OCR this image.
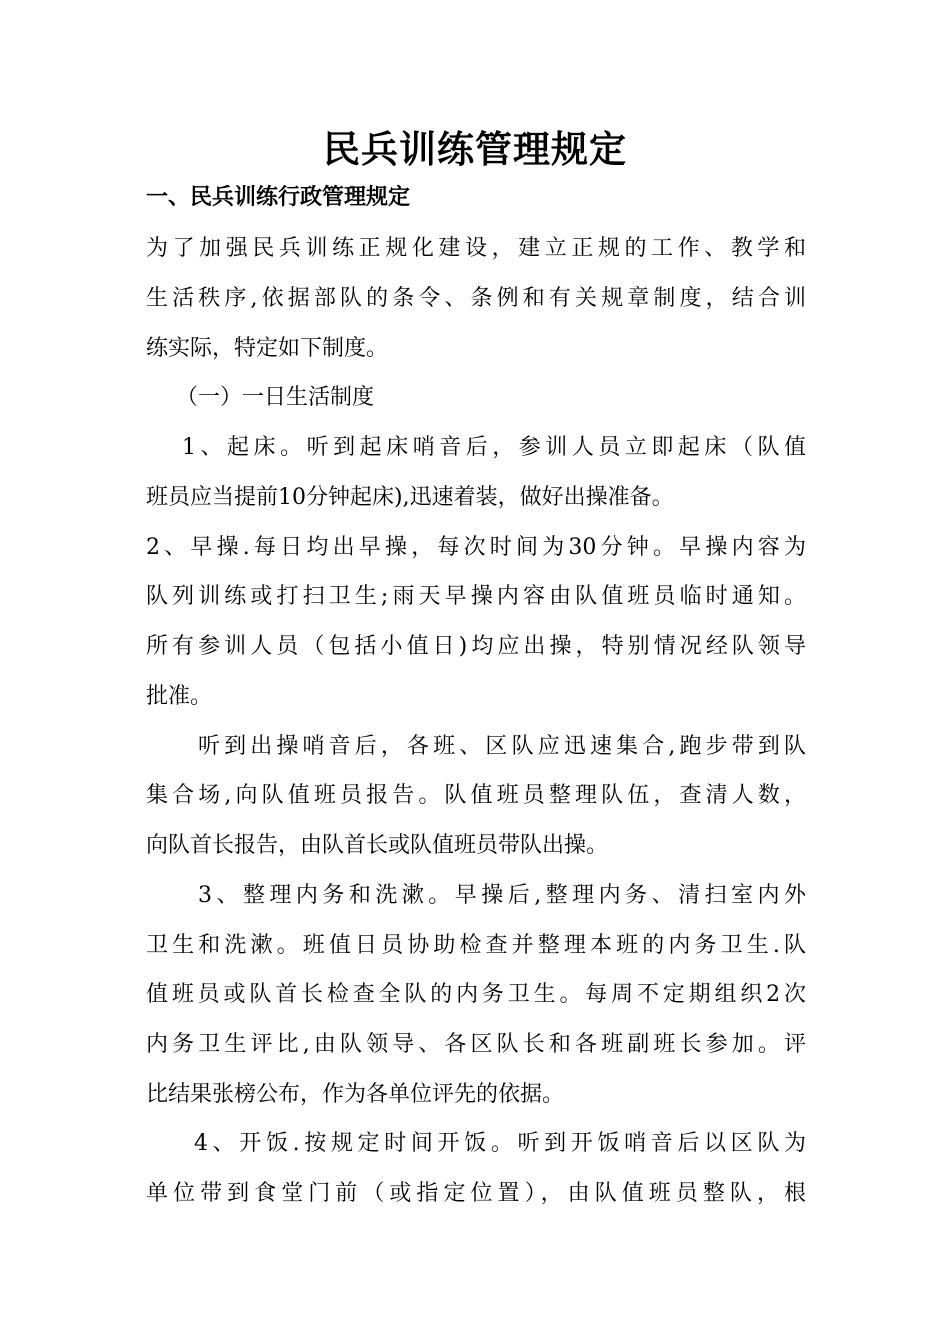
民兵训练管理规定
一、民兵训练行政管理规定
为了加强民兵训练正规化建设，建立正规的工作、教学和
生活秩序,依据部队的条令、条例和有关规章制度，结合训
练实际，特定如下制度。
（一）一日生活制度
1、起床。听到起床哨音后，参训人员立即起床（队值
班员应当提前10分钟起床),迅速着装，做好出操准备。
2、早操.每日均出早操，每次时间为30分钟。早操内容为
队列训练或打扫卫生;雨天早操内容由队值班员临时通知。
所有参训人员（包括小值日)均应出操，特别情况经队领导
批准。
听到出操哨音后，各班、区队应迅速集合,跑步带到队
集合场,向队值班员报告。队值班员整理队伍，查清人数，
向队首长报告，由队首长或队值班员带队出操。
3、整理内务和洗漱。早操后,整理内务、清扫室内外
卫生和洗漱。班值日员协助检查并整理本班的内务卫生.队
值班员或队首长检查全队的内务卫生。每周不定期组织2次
内务卫生评比,由队领导、各区队长和各班副班长参加。评
比结果张榜公布，作为各单位评先的依据。
4、开饭.按规定时间开饭。听到开饭哨音后以区队为
单位带到食堂门前（或指定位置），由队值班员整队，根
